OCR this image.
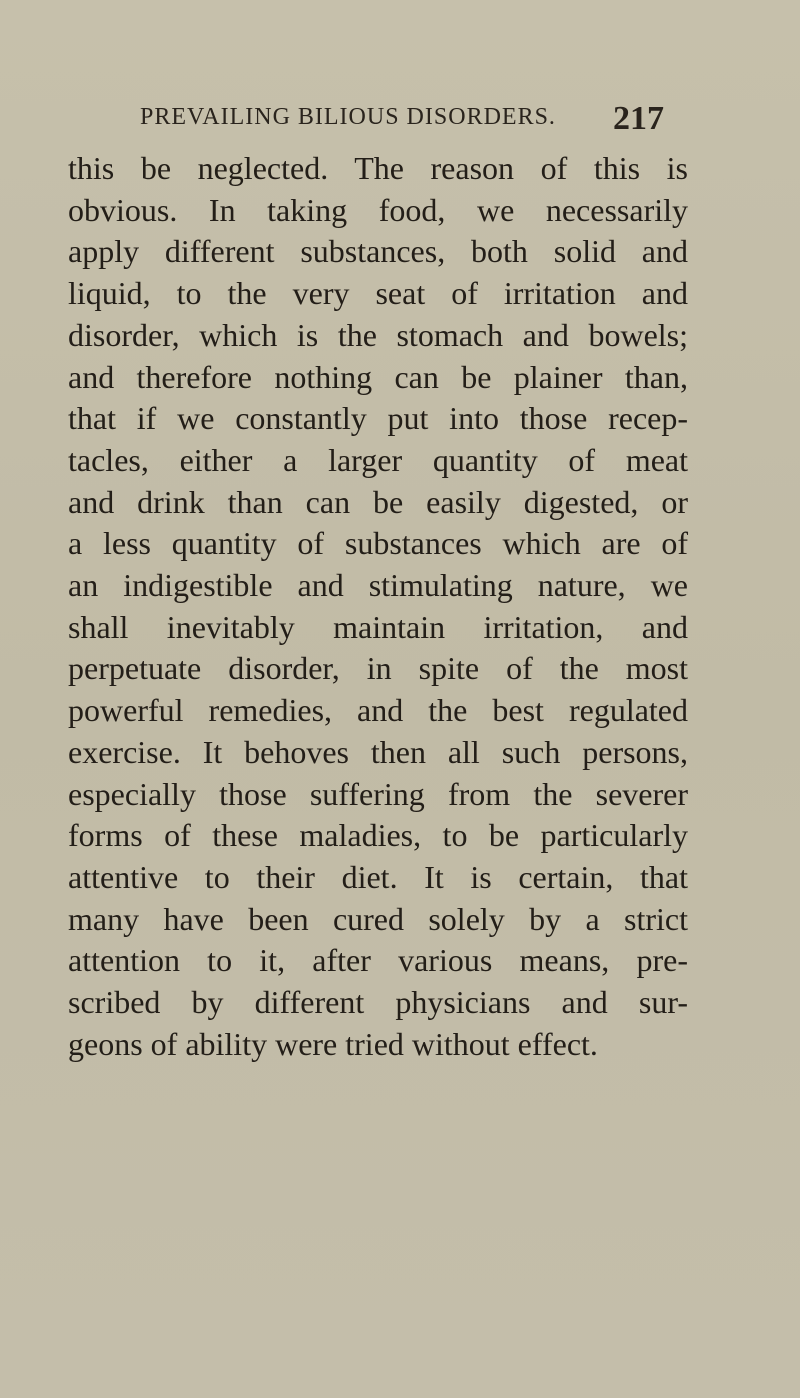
PREVAILING BILIOUS DISORDERS. 217
this be neglected. The reason of this is
obvious. In taking food, we necessarily
apply different substances, both solid and
liquid, to the very seat of irritation and
disorder, which is the stomach and bowels;
and therefore nothing can be plainer than,
that if we constantly put into those recep-
tacles, either a larger quantity of meat
and drink than can be easily digested, or
a less quantity of substances which are of
an indigestible and stimulating nature, we
shall inevitably maintain irritation, and
perpetuate disorder, in spite of the most
powerful remedies, and the best regulated
exercise. It behoves then all such persons,
especially those suffering from the severer
forms of these maladies, to be particularly
attentive to their diet. It is certain, that
many have been cured solely by a strict
attention to it, after various means, pre-
scribed by different physicians and sur-
geons of ability were tried without effect.
